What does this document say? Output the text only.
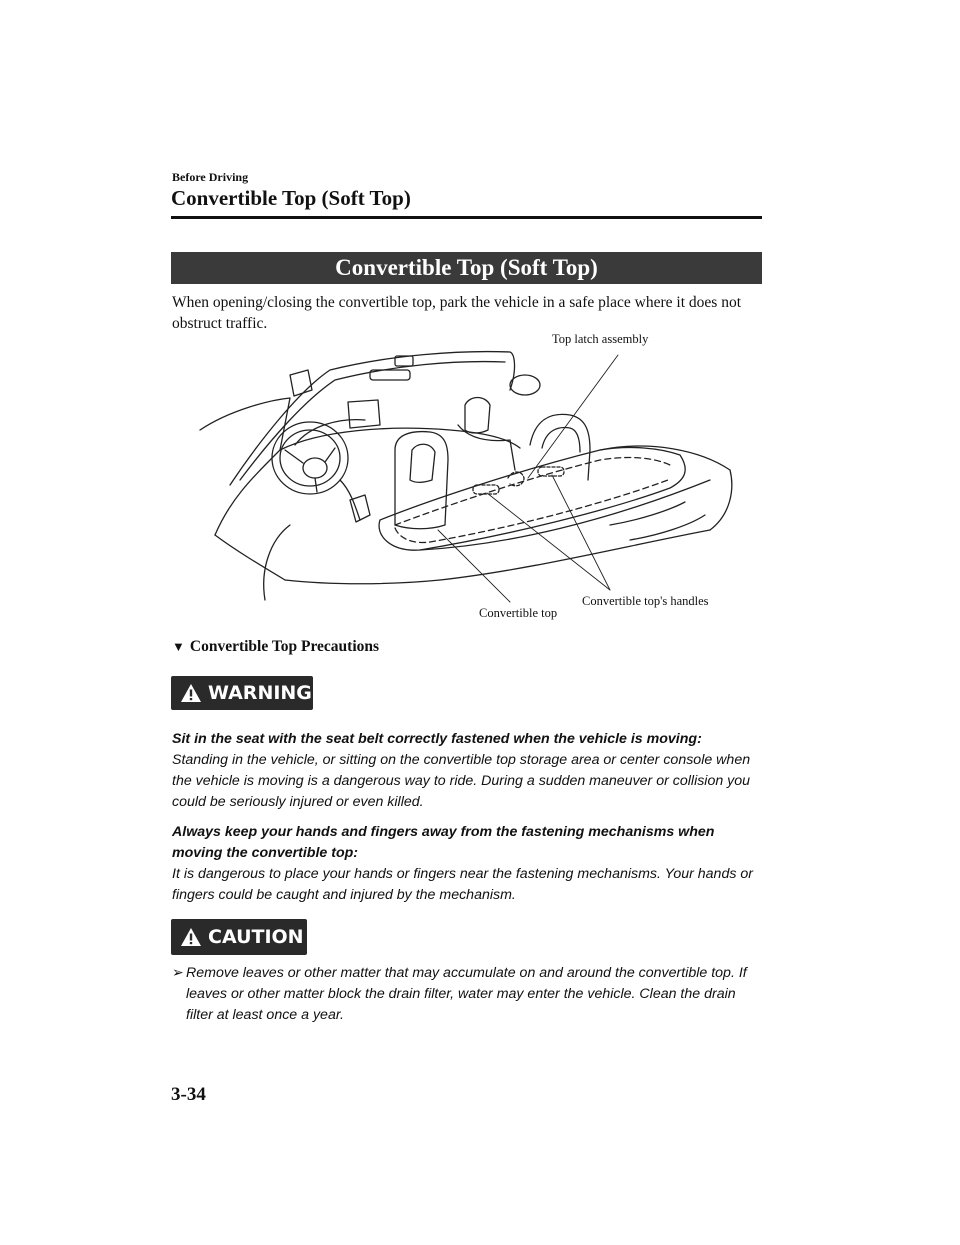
Before Driving
Convertible Top (Soft Top)
Convertible Top (Soft Top)
When opening/closing the convertible top, park the vehicle in a safe place where it does not obstruct traffic.
Top latch assembly
Convertible top's handles
Convertible top
▼ Convertible Top Precautions
WARNING
Sit in the seat with the seat belt correctly fastened when the vehicle is moving:
Standing in the vehicle, or sitting on the convertible top storage area or center console when the vehicle is moving is a dangerous way to ride. During a sudden maneuver or collision you could be seriously injured or even killed.
Always keep your hands and fingers away from the fastening mechanisms when moving the convertible top:
It is dangerous to place your hands or fingers near the fastening mechanisms. Your hands or fingers could be caught and injured by the mechanism.
CAUTION
➢ Remove leaves or other matter that may accumulate on and around the convertible top. If leaves or other matter block the drain filter, water may enter the vehicle. Clean the drain filter at least once a year.
3-34
